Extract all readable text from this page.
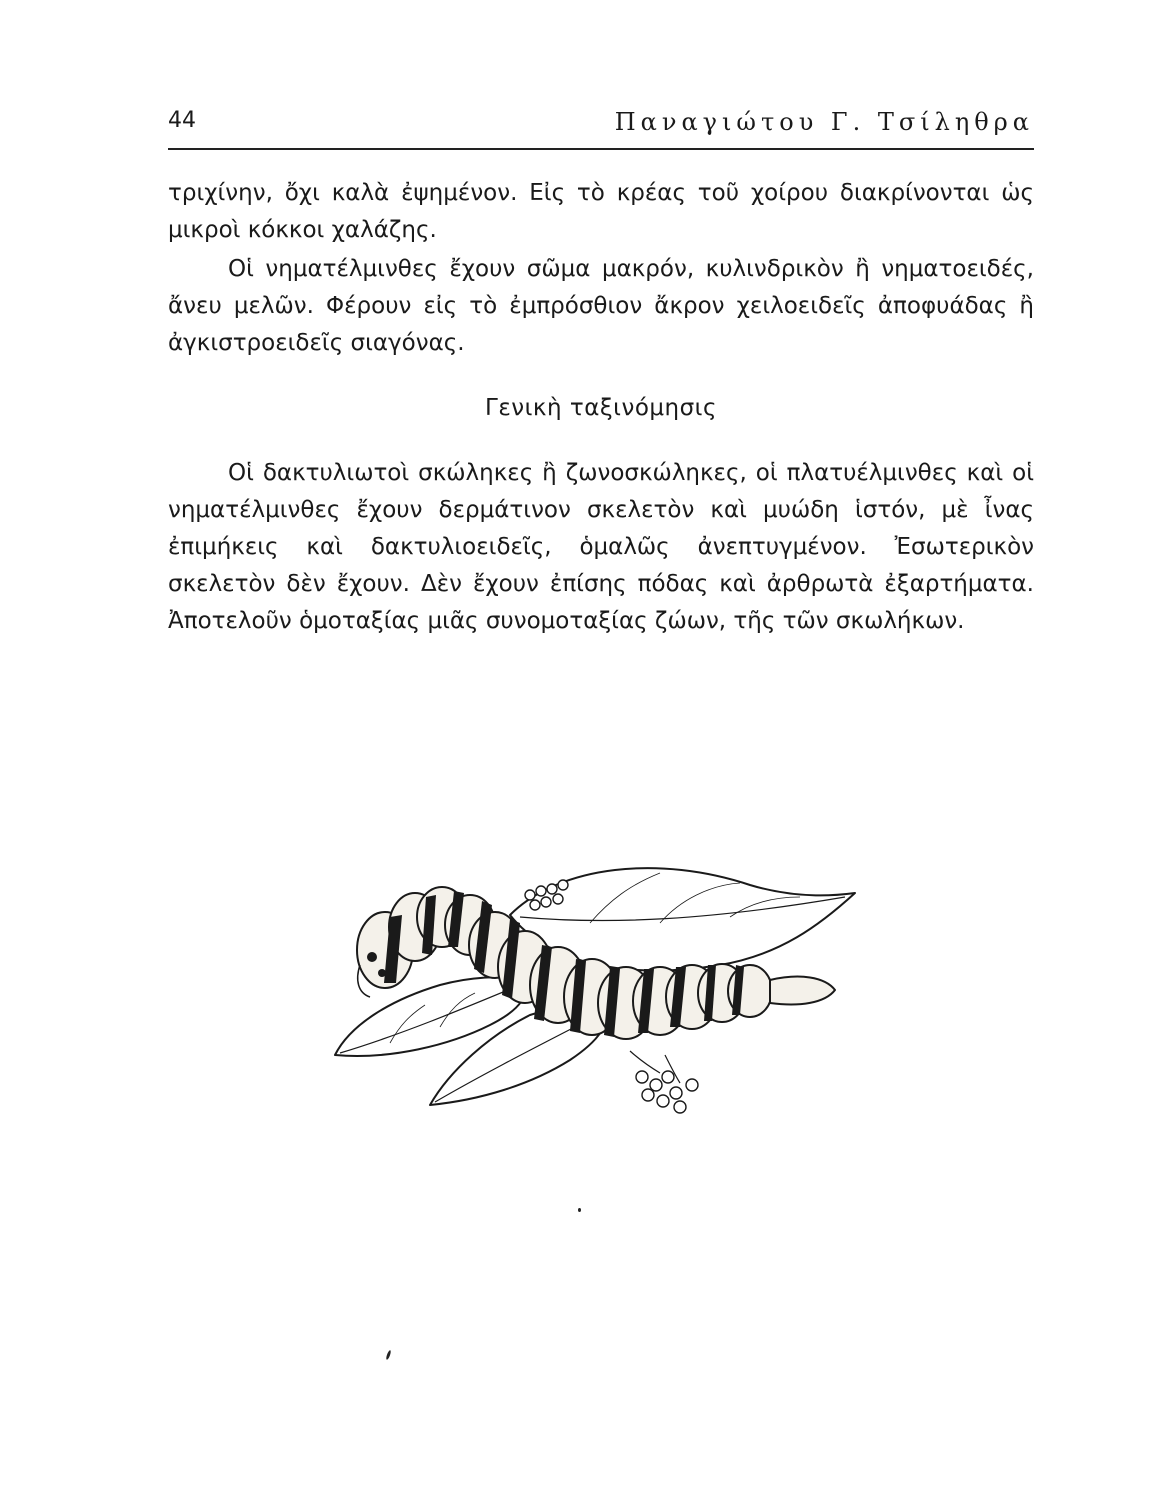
44	Παναγιώτου Γ. Τσίληθρα

τριχίνην, ὄχι καλὰ ἐψημένον. Εἰς τὸ κρέας τοῦ χοίρου διακρίνονται ὡς μικροὶ κόκκοι χαλάζης.

Οἱ νηματέλμινθες ἔχουν σῶμα μακρόν, κυλινδρικὸν ἢ νηματοειδές, ἄνευ μελῶν. Φέρουν εἰς τὸ ἐμπρόσθιον ἄκρον χειλοειδεῖς ἀποφυάδας ἢ ἀγκιστροειδεῖς σιαγόνας.

Γενικὴ ταξινόμησις

Οἱ δακτυλιωτοὶ σκώληκες ἢ ζωνοσκώληκες, οἱ πλατυέλμινθες καὶ οἱ νηματέλμινθες ἔχουν δερμάτινον σκελετὸν καὶ μυώδη ἱστόν, μὲ ἶνας ἐπιμήκεις καὶ δακτυλιοειδεῖς, ὁμαλῶς ἀνεπτυγμένον. Ἐσωτερικὸν σκελετὸν δὲν ἔχουν. Δὲν ἔχουν ἐπίσης πόδας καὶ ἀρθρωτὰ ἐξαρτήματα. Ἀποτελοῦν ὁμοταξίας μιᾶς συνομοταξίας ζώων, τῆς τῶν σκωλήκων.
